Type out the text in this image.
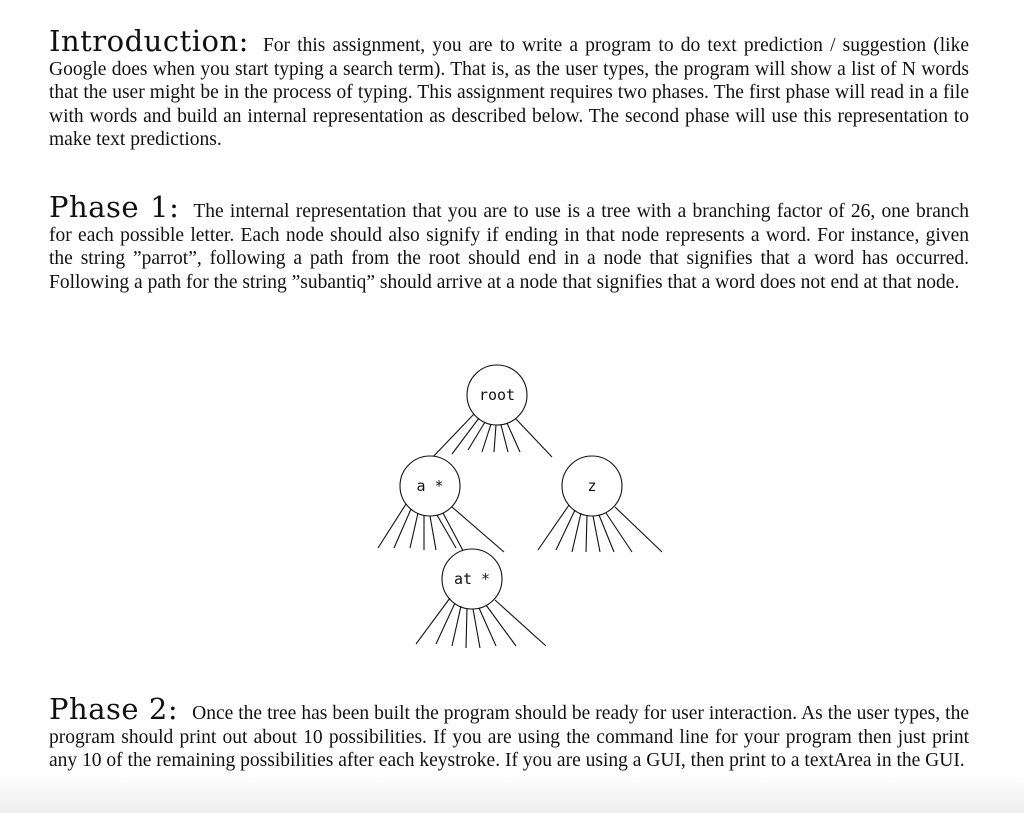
Introduction: For this assignment, you are to write a program to do text prediction / suggestion (like Google does when you start typing a search term). That is, as the user types, the program will show a list of N words that the user might be in the process of typing. This assignment requires two phases. The first phase will read in a file with words and build an internal representation as described below. The second phase will use this representation to make text predictions.
Phase 1: The internal representation that you are to use is a tree with a branching factor of 26, one branch for each possible letter. Each node should also signify if ending in that node represents a word. For instance, given the string ”parrot”, following a path from the root should end in a node that signifies that a word has occurred. Following a path for the string ”subantiq” should arrive at a node that signifies that a word does not end at that node.
root
a *	z
at *
Phase 2: Once the tree has been built the program should be ready for user interaction. As the user types, the program should print out about 10 possibilities. If you are using the command line for your program then just print any 10 of the remaining possibilities after each keystroke. If you are using a GUI, then print to a textArea in the GUI.
